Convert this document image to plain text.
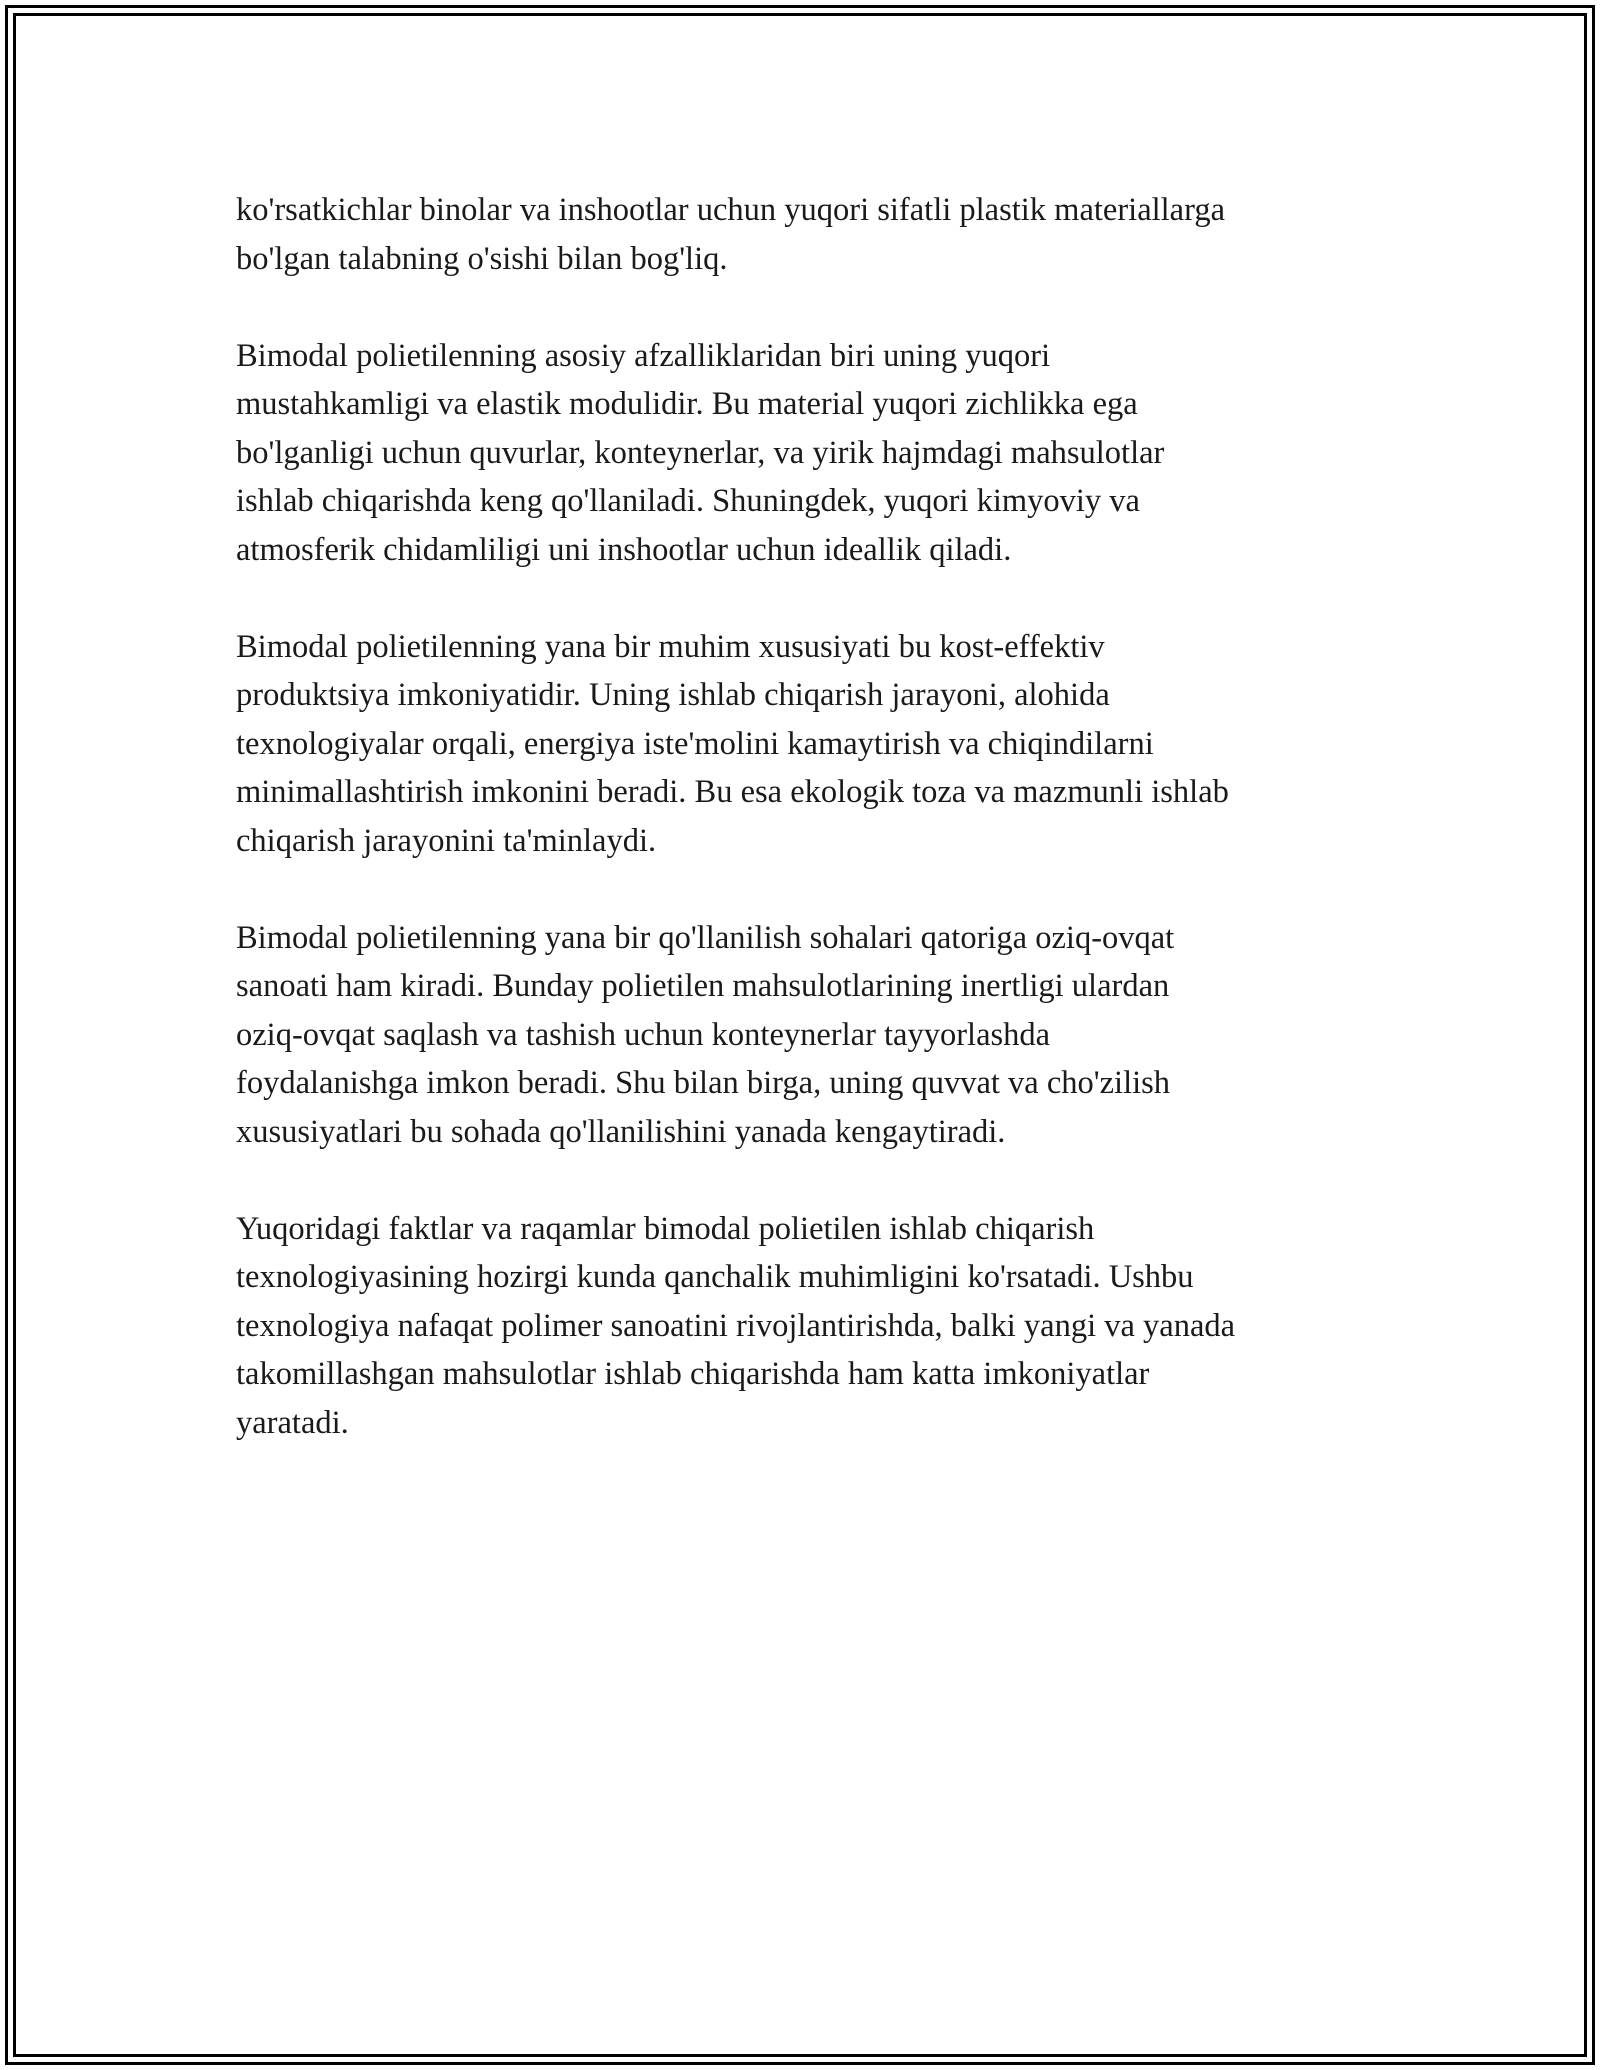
ko'rsatkichlar binolar va inshootlar uchun yuqori sifatli plastik materiallarga
bo'lgan talabning o'sishi bilan bog'liq.

Bimodal polietilenning asosiy afzalliklaridan biri uning yuqori
mustahkamligi va elastik modulidir. Bu material yuqori zichlikka ega
bo'lganligi uchun quvurlar, konteynerlar, va yirik hajmdagi mahsulotlar
ishlab chiqarishda keng qo'llaniladi. Shuningdek, yuqori kimyoviy va
atmosferik chidamliligi uni inshootlar uchun ideallik qiladi.

Bimodal polietilenning yana bir muhim xususiyati bu kost-effektiv
produktsiya imkoniyatidir. Uning ishlab chiqarish jarayoni, alohida
texnologiyalar orqali, energiya iste'molini kamaytirish va chiqindilarni
minimallashtirish imkonini beradi. Bu esa ekologik toza va mazmunli ishlab
chiqarish jarayonini ta'minlaydi.

Bimodal polietilenning yana bir qo'llanilish sohalari qatoriga oziq-ovqat
sanoati ham kiradi. Bunday polietilen mahsulotlarining inertligi ulardan
oziq-ovqat saqlash va tashish uchun konteynerlar tayyorlashda
foydalanishga imkon beradi. Shu bilan birga, uning quvvat va cho'zilish
xususiyatlari bu sohada qo'llanilishini yanada kengaytiradi.

Yuqoridagi faktlar va raqamlar bimodal polietilen ishlab chiqarish
texnologiyasining hozirgi kunda qanchalik muhimligini ko'rsatadi. Ushbu
texnologiya nafaqat polimer sanoatini rivojlantirishda, balki yangi va yanada
takomillashgan mahsulotlar ishlab chiqarishda ham katta imkoniyatlar
yaratadi.
